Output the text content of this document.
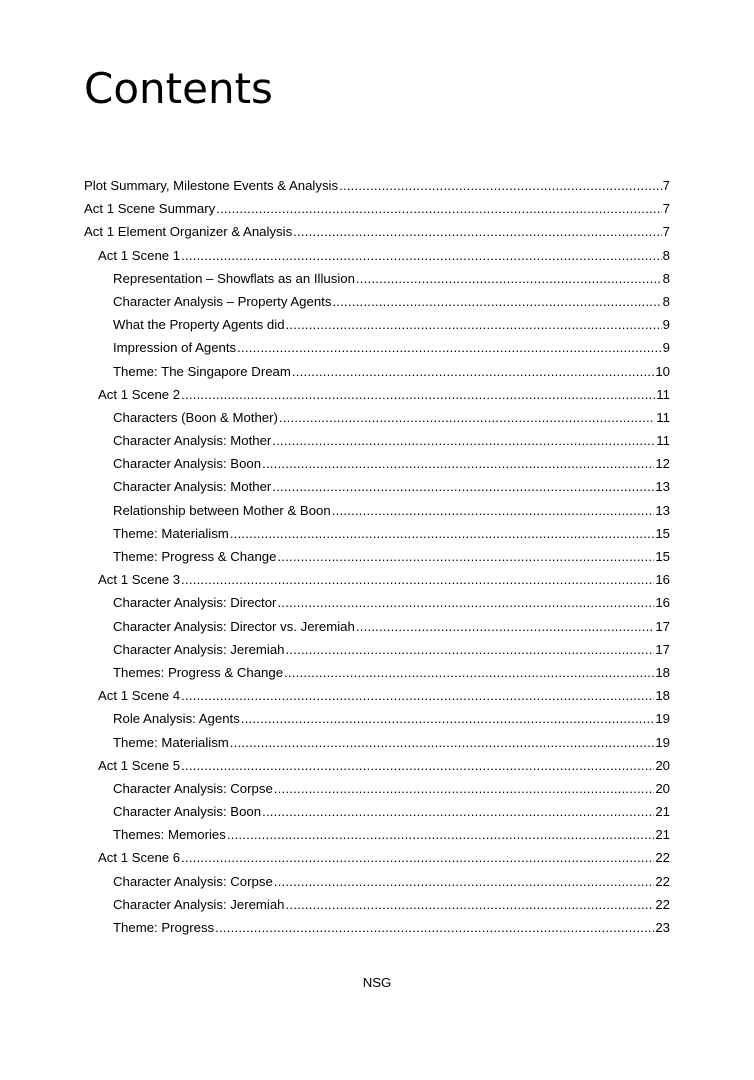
Contents
Plot Summary, Milestone Events & Analysis .....	7
Act 1 Scene Summary .....	7
Act 1 Element Organizer & Analysis .....	7
Act 1 Scene 1 .....	8
Representation – Showflats as an Illusion .....	8
Character Analysis – Property Agents .....	8
What the Property Agents did .....	9
Impression of Agents .....	9
Theme: The Singapore Dream .....	10
Act 1 Scene 2 .....	11
Characters (Boon & Mother) .....	11
Character Analysis: Mother .....	11
Character Analysis: Boon .....	12
Character Analysis: Mother .....	13
Relationship between Mother & Boon .....	13
Theme: Materialism .....	15
Theme: Progress & Change .....	15
Act 1 Scene 3 .....	16
Character Analysis: Director .....	16
Character Analysis: Director vs. Jeremiah .....	17
Character Analysis: Jeremiah .....	17
Themes: Progress & Change .....	18
Act 1 Scene 4 .....	18
Role Analysis: Agents .....	19
Theme: Materialism .....	19
Act 1 Scene 5 .....	20
Character Analysis: Corpse .....	20
Character Analysis: Boon .....	21
Themes: Memories .....	21
Act 1 Scene 6 .....	22
Character Analysis: Corpse .....	22
Character Analysis: Jeremiah .....	22
Theme: Progress .....	23
NSG
